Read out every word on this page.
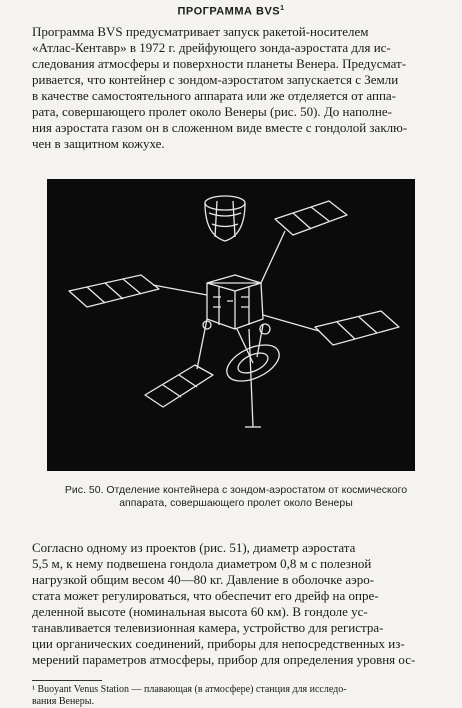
ПРОГРАММА BVS$^1$
Программа BVS предусматривает запуск ракетой-носителем
«Атлас-Кентавр» в 1972 г. дрейфующего зонда-аэростата для ис-
следования атмосферы и поверхности планеты Венера. Предусмат-
ривается, что контейнер с зондом-аэростатом запускается с Земли
в качестве самостоятельного аппарата или же отделяется от аппа-
рата, совершающего пролет около Венеры (рис. 50). До наполне-
ния аэростата газом он в сложенном виде вместе с гондолой заклю-
чен в защитном кожухе.
Рис. 50. Отделение контейнера с зондом-аэростатом от космического
аппарата, совершающего пролет около Венеры
Согласно одному из проектов (рис. 51), диаметр аэростата
5,5 м, к нему подвешена гондола диаметром 0,8 м с полезной
нагрузкой общим весом 40—80 кг. Давление в оболочке аэро-
стата может регулироваться, что обеспечит его дрейф на опре-
деленной высоте (номинальная высота 60 км). В гондоле ус-
танавливается телевизионная камера, устройство для регистра-
ции органических соединений, приборы для непосредственных из-
мерений параметров атмосферы, прибор для определения уровня ос-
¹ Buoyant Venus Station — плавающая (в атмосфере) станция для исследо-
вания Венеры.
